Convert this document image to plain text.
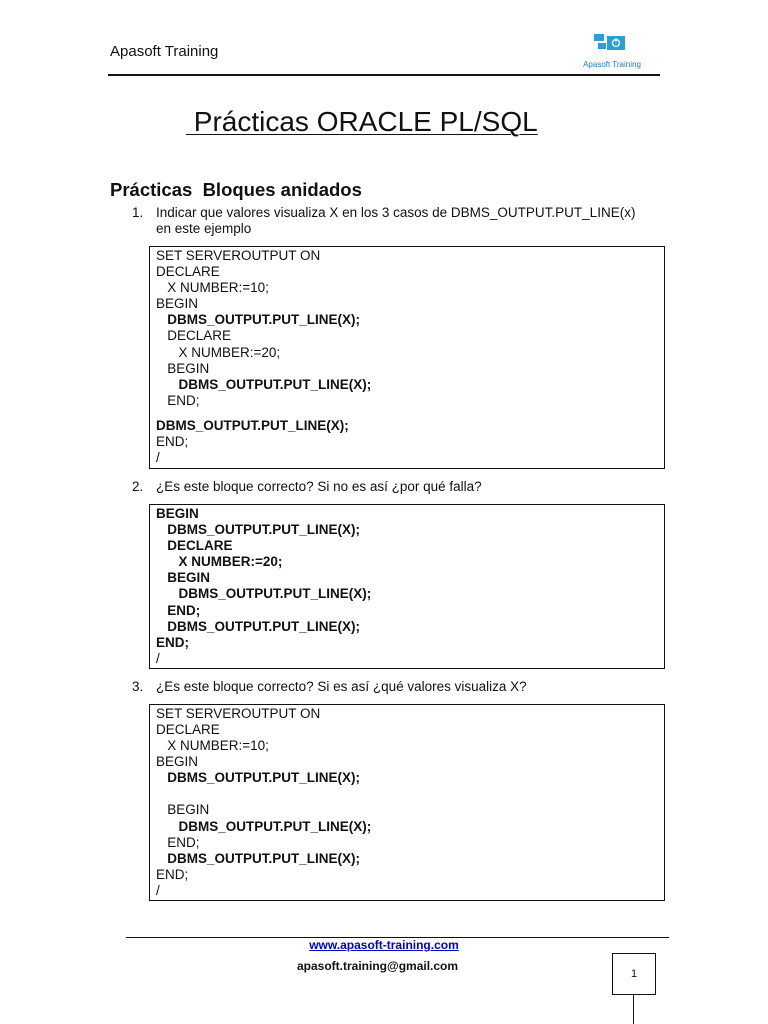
Apasoft Training
Apasoft Training
Prácticas ORACLE PL/SQL
Prácticas  Bloques anidados
1. Indicar que valores visualiza X en los 3 casos de DBMS_OUTPUT.PUT_LINE(x) en este ejemplo
SET SERVEROUTPUT ON
DECLARE
X NUMBER:=10;
BEGIN
DBMS_OUTPUT.PUT_LINE(X);
DECLARE
X NUMBER:=20;
BEGIN
DBMS_OUTPUT.PUT_LINE(X);
END;
DBMS_OUTPUT.PUT_LINE(X);
END;
/
2. ¿Es este bloque correcto? Si no es así ¿por qué falla?
BEGIN
DBMS_OUTPUT.PUT_LINE(X);
DECLARE
X NUMBER:=20;
BEGIN
DBMS_OUTPUT.PUT_LINE(X);
END;
DBMS_OUTPUT.PUT_LINE(X);
END;
/
3. ¿Es este bloque correcto? Si es así ¿qué valores visualiza X?
SET SERVEROUTPUT ON
DECLARE
X NUMBER:=10;
BEGIN
DBMS_OUTPUT.PUT_LINE(X);
BEGIN
DBMS_OUTPUT.PUT_LINE(X);
END;
DBMS_OUTPUT.PUT_LINE(X);
END;
/
www.apasoft-training.com
apasoft.training@gmail.com
1
